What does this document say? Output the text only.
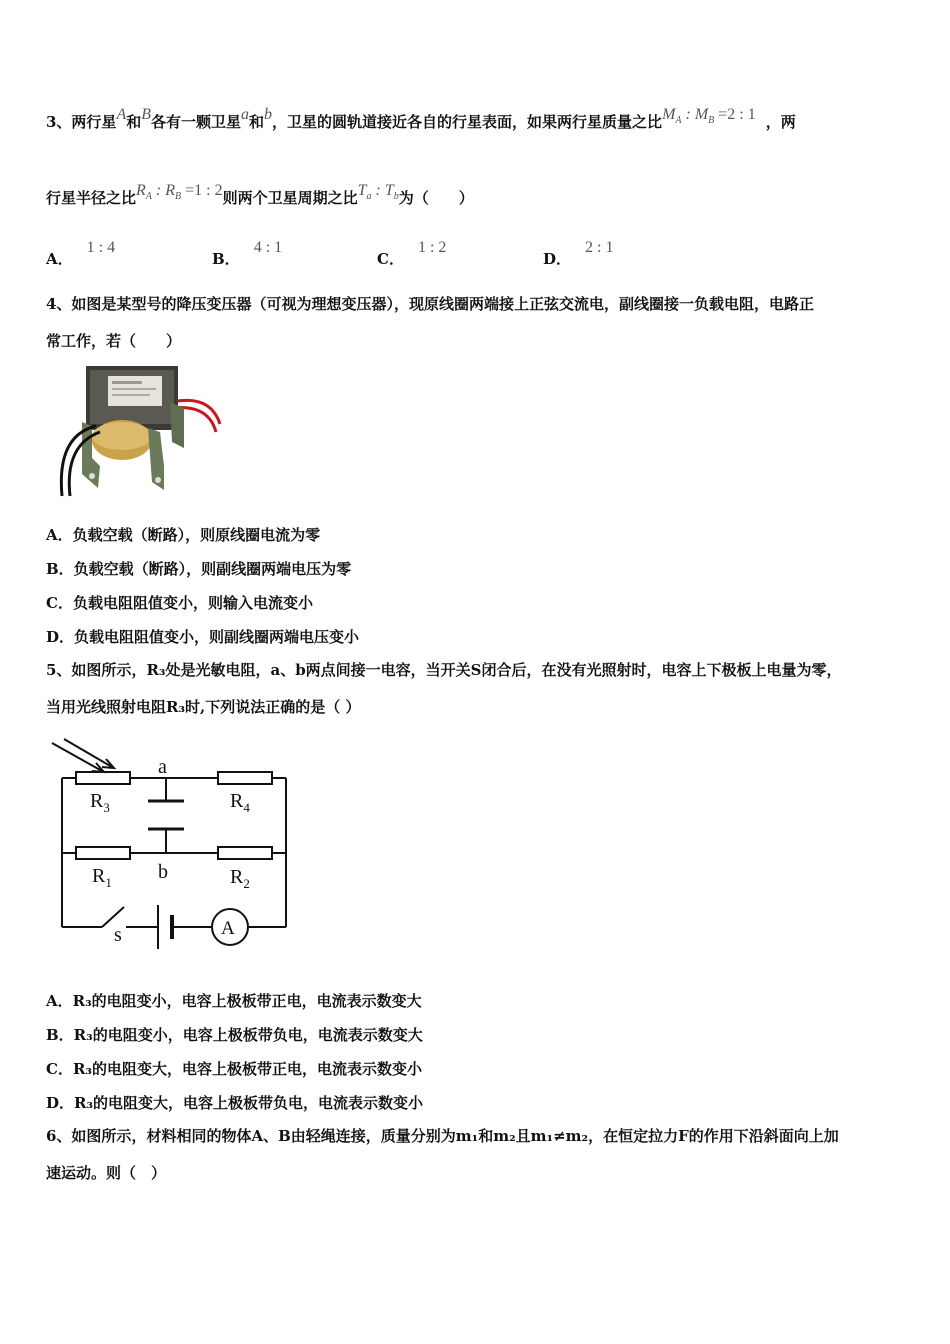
3、两行星A和B各有一颗卫星a和b，卫星的圆轨道接近各自的行星表面，如果两行星质量之比$M_A$ : $M_B =2$ : 1 ，两
行星半径之比$R_A$ : $R_B =1$ : 2则两个卫星周期之比$T_a$ : $T_b$为（　　）
A．1 : 4
B．4 : 1
C．1 : 2
D．2 : 1
4、如图是某型号的降压变压器（可视为理想变压器），现原线圈两端接上正弦交流电，副线圈接一负载电阻，电路正
常工作，若（　　）
A．负载空载（断路），则原线圈电流为零
B．负载空载（断路），则副线圈两端电压为零
C．负载电阻阻值变小，则输入电流变小
D．负载电阻阻值变小，则副线圈两端电压变小
5、如图所示，R₃处是光敏电阻，a、b两点间接一电容，当开关S闭合后，在没有光照射时，电容上下极板上电量为零，
当用光线照射电阻R₃时,下列说法正确的是（ ）
a
b
$R_3$	$R_4$
$R_1$	$R_2$
s	A
A．R₃的电阻变小，电容上极板带正电，电流表示数变大
B．R₃的电阻变小，电容上极板带负电，电流表示数变大
C．R₃的电阻变大，电容上极板带正电，电流表示数变小
D．R₃的电阻变大，电容上极板带负电，电流表示数变小
6、如图所示，材料相同的物体A、B由轻绳连接，质量分别为m₁和m₂且m₁≠m₂，在恒定拉力F的作用下沿斜面向上加
速运动。则（　）
